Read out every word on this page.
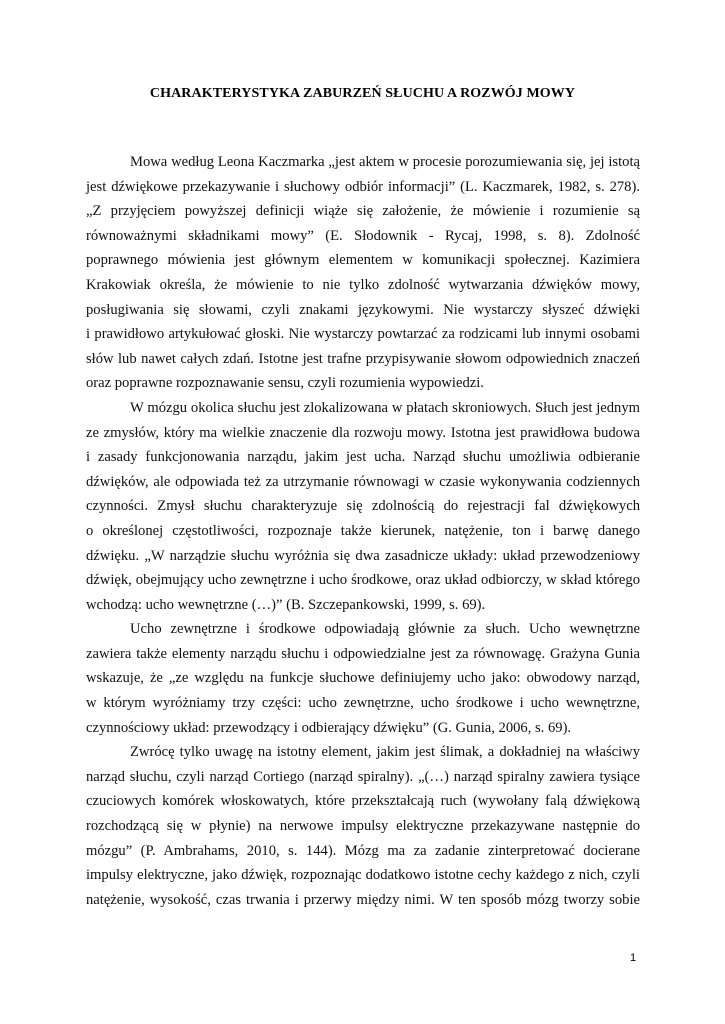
CHARAKTERYSTYKA ZABURZEŃ SŁUCHU A ROZWÓJ MOWY
Mowa według Leona Kaczmarka „jest aktem w procesie porozumiewania się, jej istotą
jest dźwiękowe przekazywanie i słuchowy odbiór informacji” (L. Kaczmarek, 1982, s. 278).
„Z przyjęciem powyższej definicji wiąże się założenie, że mówienie i rozumienie są
równoważnymi składnikami mowy” (E. Słodownik - Rycaj, 1998, s. 8). Zdolność
poprawnego mówienia jest głównym elementem w komunikacji społecznej. Kazimiera
Krakowiak określa, że mówienie to nie tylko zdolność wytwarzania dźwięków mowy,
posługiwania się słowami, czyli znakami językowymi. Nie wystarczy słyszeć dźwięki
i prawidłowo artykułować głoski. Nie wystarczy powtarzać za rodzicami lub innymi osobami
słów lub nawet całych zdań. Istotne jest trafne przypisywanie słowom odpowiednich znaczeń
oraz poprawne rozpoznawanie sensu, czyli rozumienia wypowiedzi.
W mózgu okolica słuchu jest zlokalizowana w płatach skroniowych. Słuch jest jednym
ze zmysłów, który ma wielkie znaczenie dla rozwoju mowy. Istotna jest prawidłowa budowa
i zasady funkcjonowania narządu, jakim jest ucha. Narząd słuchu umożliwia odbieranie
dźwięków, ale odpowiada też za utrzymanie równowagi w czasie wykonywania codziennych
czynności. Zmysł słuchu charakteryzuje się zdolnością do rejestracji fal dźwiękowych
o określonej częstotliwości, rozpoznaje także kierunek, natężenie, ton i barwę danego
dźwięku. „W narządzie słuchu wyróżnia się dwa zasadnicze układy: układ przewodzeniowy
dźwięk, obejmujący ucho zewnętrzne i ucho środkowe, oraz układ odbiorczy, w skład którego
wchodzą: ucho wewnętrzne (…)” (B. Szczepankowski, 1999, s. 69).
Ucho zewnętrzne i środkowe odpowiadają głównie za słuch. Ucho wewnętrzne
zawiera także elementy narządu słuchu i odpowiedzialne jest za równowagę. Grażyna Gunia
wskazuje, że „ze względu na funkcje słuchowe definiujemy ucho jako: obwodowy narząd,
w którym wyróżniamy trzy części: ucho zewnętrzne, ucho środkowe i ucho wewnętrzne,
czynnościowy układ: przewodzący i odbierający dźwięku” (G. Gunia, 2006, s. 69).
Zwrócę tylko uwagę na istotny element, jakim jest ślimak, a dokładniej na właściwy
narząd słuchu, czyli narząd Cortiego (narząd spiralny). „(…) narząd spiralny zawiera tysiące
czuciowych komórek włoskowatych, które przekształcają ruch (wywołany falą dźwiękową
rozchodzącą się w płynie) na nerwowe impulsy elektryczne przekazywane następnie do
mózgu” (P. Ambrahams, 2010, s. 144). Mózg ma za zadanie zinterpretować docierane
impulsy elektryczne, jako dźwięk, rozpoznając dodatkowo istotne cechy każdego z nich, czyli
natężenie, wysokość, czas trwania i przerwy między nimi. W ten sposób mózg tworzy sobie
1
